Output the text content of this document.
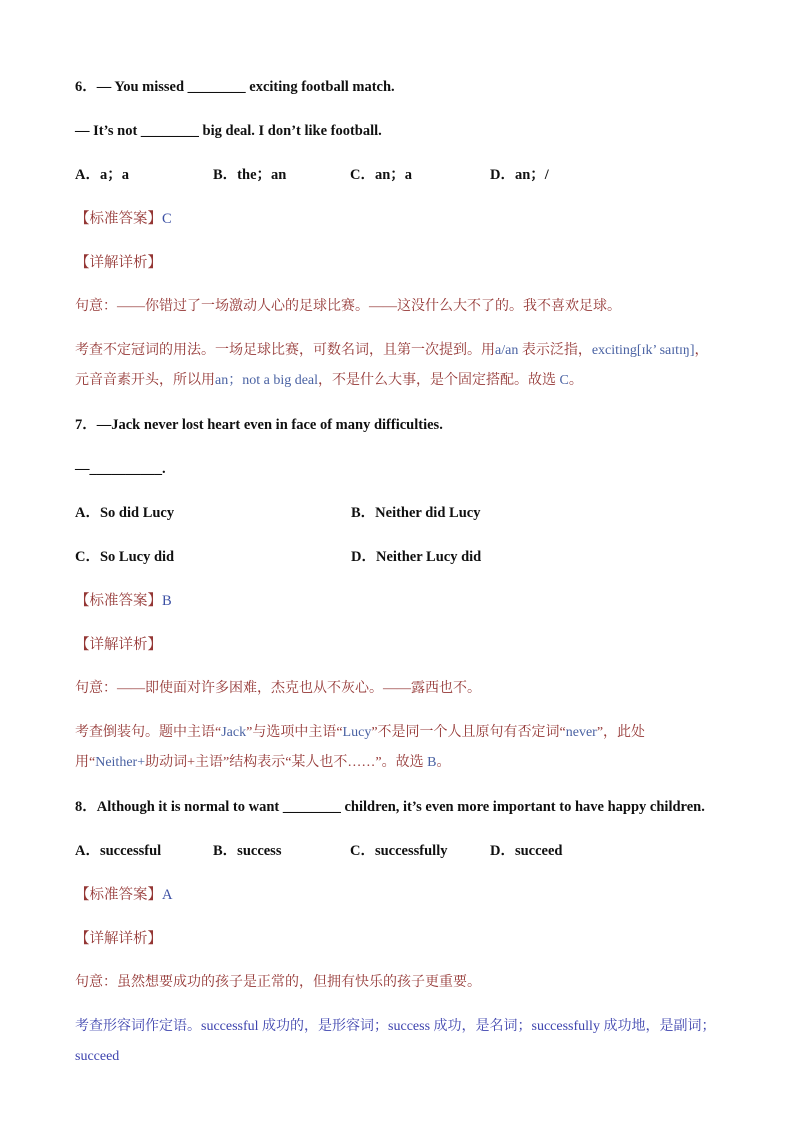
6．— You missed ________ exciting football match.

— It’s not ________ big deal. I don’t like football.

A．a；a	B．the；an	C．an；a	D．an；/

【标准答案】C

【详解详析】

句意：——你错过了一场激动人心的足球比赛。——这没什么大不了的。我不喜欢足球。

考查不定冠词的用法。一场足球比赛，可数名词，且第一次提到。用a/an 表示泛指，exciting[ɪk’ saɪtɪŋ]，元音音素开头，所以用an；not a big deal，不是什么大事，是个固定搭配。故选 C。

7．—Jack never lost heart even in face of many difficulties.

—__________.

A．So did Lucy	B．Neither did Lucy
C．So Lucy did	D．Neither Lucy did

【标准答案】B

【详解详析】

句意：——即使面对许多困难，杰克也从不灰心。——露西也不。

考查倒装句。题中主语“Jack”与选项中主语“Lucy”不是同一个人且原句有否定词“never”，此处用“Neither+助动词+主语”结构表示“某人也不……”。故选 B。

8．Although it is normal to want ________ children, it’s even more important to have happy children.

A．successful	B．success	C．successfully	D．succeed

【标准答案】A

【详解详析】

句意：虽然想要成功的孩子是正常的，但拥有快乐的孩子更重要。

考查形容词作定语。successful 成功的，是形容词；success 成功，是名词；successfully 成功地，是副词；succeed
